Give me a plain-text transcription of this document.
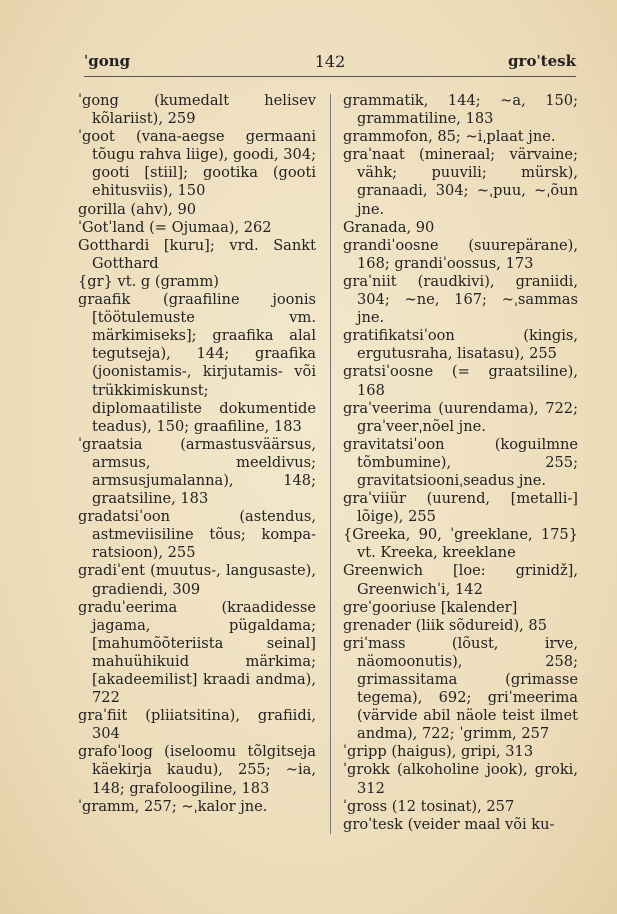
ˈgong	142	groˈtesk

ˈgong (kumedalt helisev kõlariist), 259

ˈgoot (vana-aegse germaani tõugu rahva liige), goodi, 304; gooti [stiil]; gootika (gooti ehitusviis), 150

gorilla (ahv), 90

ˈGotˈland (= Ojumaa), 262

Gotthardi [kuru]; vrd. Sankt Gotthard

{gr} vt. g (gramm)

graafik (graafiline joonis [töötulemuste vm. märkimiseks]; graafika alal tegutseja), 144; graafika (joonistamis-, kirjutamis- või trükkimiskunst; diplomaatiliste dokumentide teadus), 150; graafiline, 183

ˈgraatsia (armastusväärsus, armsus, meeldivus; armsusjumalanna), 148; graatsiline, 183

gradatsiˈoon (astendus, astmeviisiline tõus; kompa-ratsioon), 255

gradiˈent (muutus-, langusaste), gradiendi, 309

graduˈeerima (kraadidesse jagama, pügaldama; [mahumõõteriista seinal] mahuühikuid märkima; [akadeemilist] kraadi andma), 722

graˈfiit (pliiatsitina), grafiidi, 304

grafoˈloog (iseloomu tõlgitseja käekirja kaudu), 255; ~ia, 148; grafoloogiline, 183

ˈgramm, 257; ~ˌkalor jne.

grammatik, 144; ~a, 150; grammatiline, 183

grammofon, 85; ~iˌplaat jne.

graˈnaat (mineraal; värvaine; vähk; puuvili; mürsk), granaadi, 304; ~ˌpuu, ~ˌõun jne.

Granada, 90

grandiˈoosne (suurepärane), 168; grandiˈoossus, 173

graˈniit (raudkivi), graniidi, 304; ~ne, 167; ~ˌsammas jne.

gratifikatsiˈoon (kingis, ergutusraha, lisatasu), 255

gratsiˈoosne (= graatsiline), 168

graˈveerima (uurendama), 722; graˈveerˌnõel jne.

gravitatsiˈoon (koguilmne tõmbumine), 255; gravitatsiooniˌseadus jne.

graˈviiür (uurend, [metalli-] lõige), 255

{Greeka, 90, ˈgreeklane, 175} vt. Kreeka, kreeklane

Greenwich [loe: grinidž], Greenwichˈi, 142

greˈgooriuse [kalender]

grenader (liik sõdureid), 85

griˈmass (lõust, irve, näomoonutis), 258; grimassitama (grimasse tegema), 692; griˈmeerima (värvide abil näole teist ilmet andma), 722; ˈgrimm, 257

ˈgripp (haigus), gripi, 313

ˈgrokk (alkoholine jook), groki, 312

ˈgross (12 tosinat), 257

groˈtesk (veider maal või ku-
